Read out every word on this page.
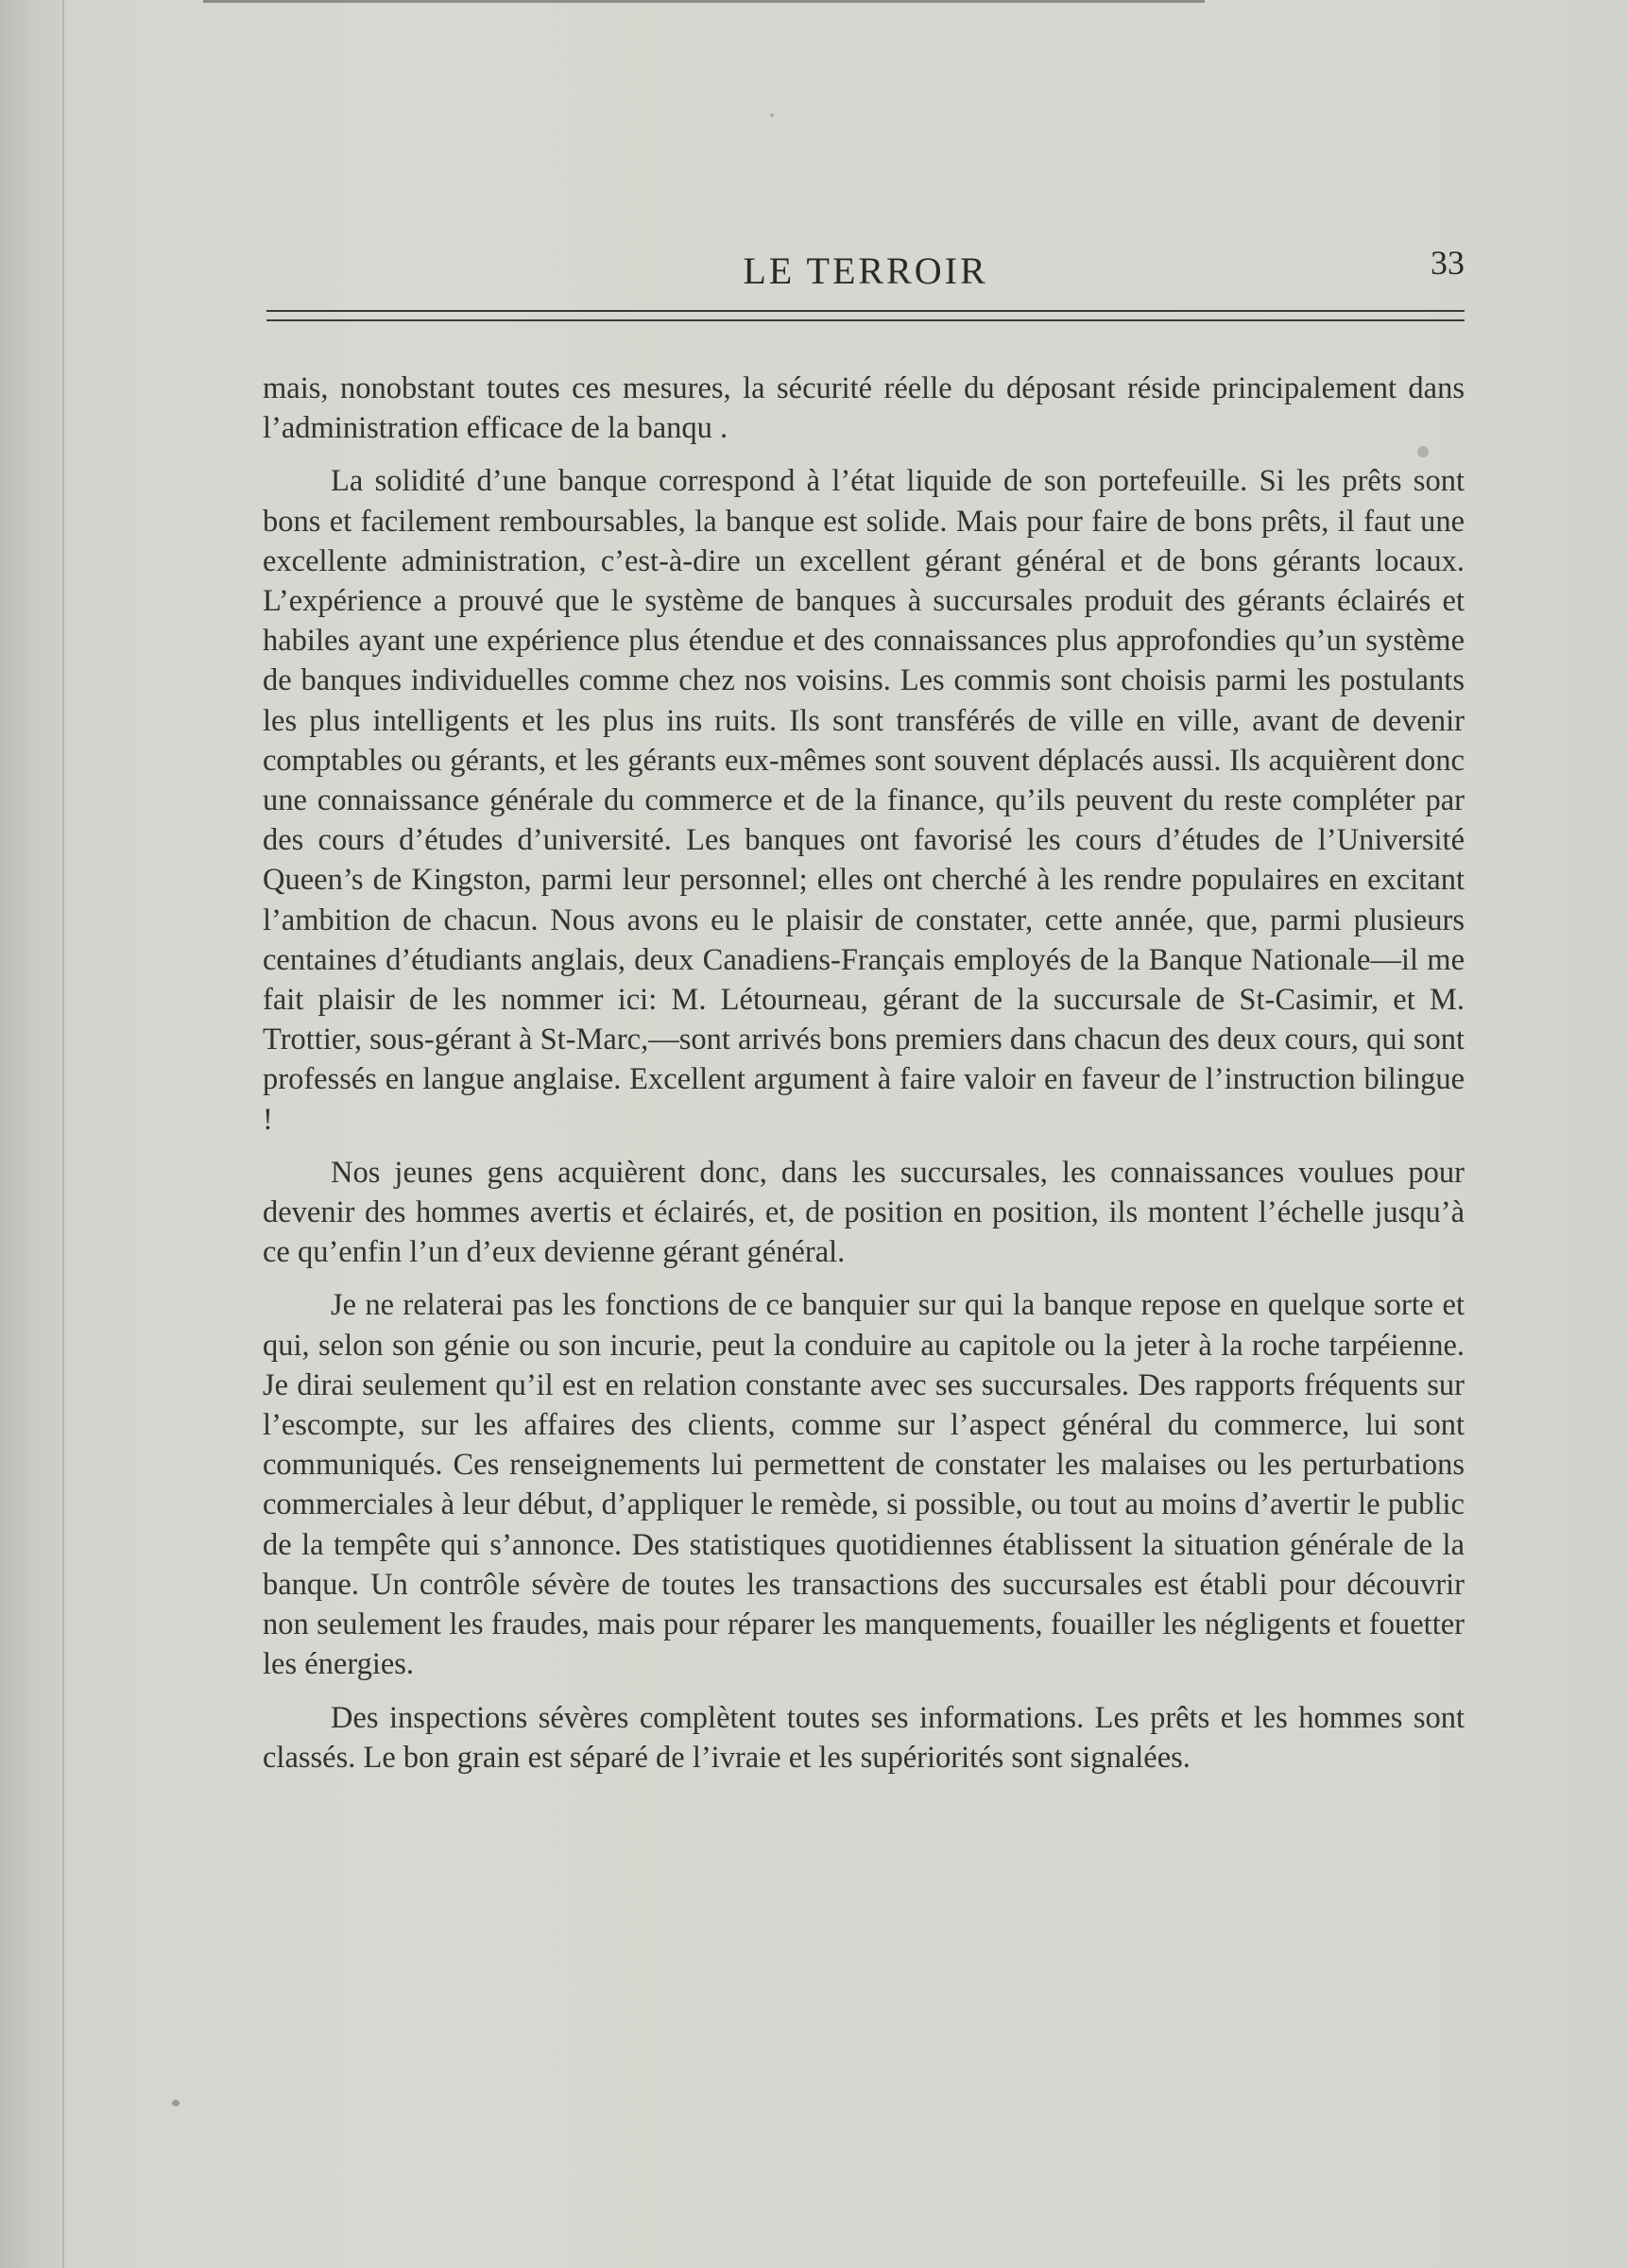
LE TERROIR	33

mais, nonobstant toutes ces mesures, la sécurité réelle du déposant réside principalement dans l’administration efficace de la banqu .

La solidité d’une banque correspond à l’état liquide de son portefeuille. Si les prêts sont bons et facilement remboursables, la banque est solide. Mais pour faire de bons prêts, il faut une excellente administration, c’est-à-dire un excellent gérant général et de bons gérants locaux. L’expérience a prouvé que le système de banques à succursales produit des gérants éclairés et habiles ayant une expérience plus étendue et des connaissances plus approfondies qu’un système de banques individuelles comme chez nos voisins. Les commis sont choisis parmi les postulants les plus intelligents et les plus ins ruits. Ils sont transférés de ville en ville, avant de devenir comptables ou gérants, et les gérants eux-mêmes sont souvent déplacés aussi. Ils acquièrent donc une connaissance générale du commerce et de la finance, qu’ils peuvent du reste compléter par des cours d’études d’université. Les banques ont favorisé les cours d’études de l’Université Queen’s de Kingston, parmi leur personnel; elles ont cherché à les rendre populaires en excitant l’ambition de chacun. Nous avons eu le plaisir de constater, cette année, que, parmi plusieurs centaines d’étudiants anglais, deux Canadiens-Français employés de la Banque Nationale—il me fait plaisir de les nommer ici: M. Létourneau, gérant de la succursale de St-Casimir, et M. Trottier, sous-gérant à St-Marc,—sont arrivés bons premiers dans chacun des deux cours, qui sont professés en langue anglaise. Excellent argument à faire valoir en faveur de l’instruction bilingue !

Nos jeunes gens acquièrent donc, dans les succursales, les connaissances voulues pour devenir des hommes avertis et éclairés, et, de position en position, ils montent l’échelle jusqu’à ce qu’enfin l’un d’eux devienne gérant général.

Je ne relaterai pas les fonctions de ce banquier sur qui la banque repose en quelque sorte et qui, selon son génie ou son incurie, peut la conduire au capitole ou la jeter à la roche tarpéienne. Je dirai seulement qu’il est en relation constante avec ses succursales. Des rapports fréquents sur l’escompte, sur les affaires des clients, comme sur l’aspect général du commerce, lui sont communiqués. Ces renseignements lui permettent de constater les malaises ou les perturbations commerciales à leur début, d’appliquer le remède, si possible, ou tout au moins d’avertir le public de la tempête qui s’annonce. Des statistiques quotidiennes établissent la situation générale de la banque. Un contrôle sévère de toutes les transactions des succursales est établi pour découvrir non seulement les fraudes, mais pour réparer les manquements, fouailler les négligents et fouetter les énergies.

Des inspections sévères complètent toutes ses informations. Les prêts et les hommes sont classés. Le bon grain est séparé de l’ivraie et les supériorités sont signalées.
